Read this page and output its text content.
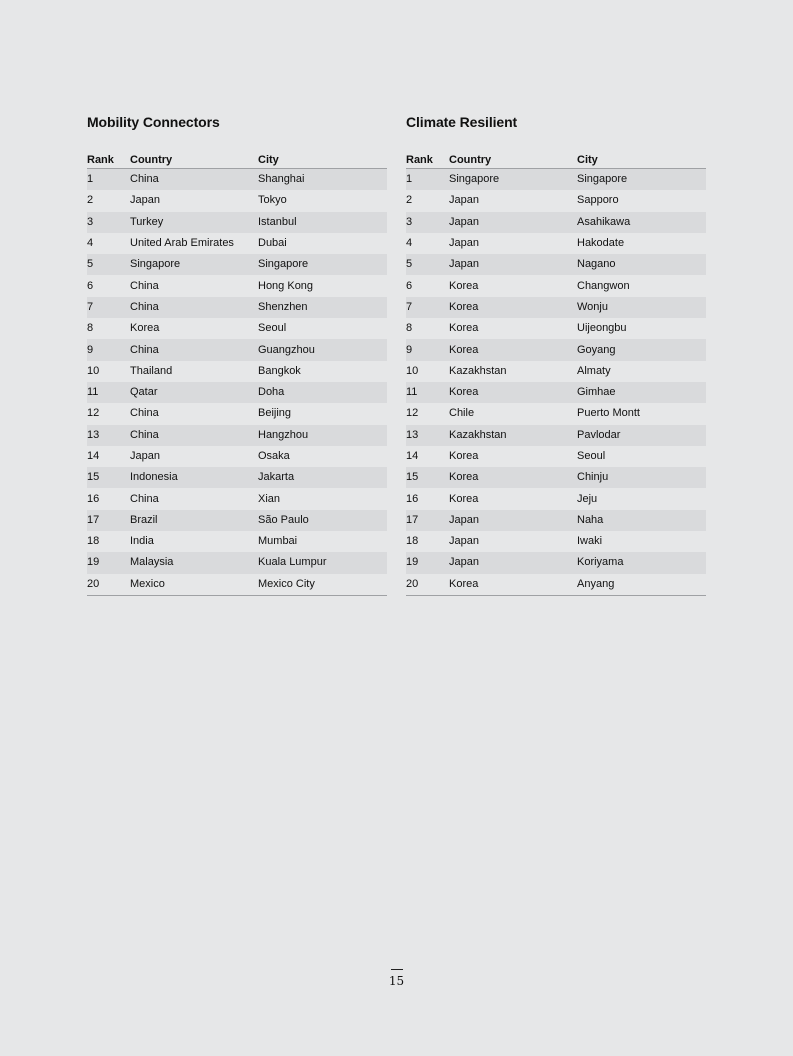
Mobility Connectors
Rank	Country	City
1	China	Shanghai
2	Japan	Tokyo
3	Turkey	Istanbul
4	United Arab Emirates	Dubai
5	Singapore	Singapore
6	China	Hong Kong
7	China	Shenzhen
8	Korea	Seoul
9	China	Guangzhou
10	Thailand	Bangkok
11	Qatar	Doha
12	China	Beijing
13	China	Hangzhou
14	Japan	Osaka
15	Indonesia	Jakarta
16	China	Xian
17	Brazil	São Paulo
18	India	Mumbai
19	Malaysia	Kuala Lumpur
20	Mexico	Mexico City
Climate Resilient
Rank	Country	City
1	Singapore	Singapore
2	Japan	Sapporo
3	Japan	Asahikawa
4	Japan	Hakodate
5	Japan	Nagano
6	Korea	Changwon
7	Korea	Wonju
8	Korea	Uijeongbu
9	Korea	Goyang
10	Kazakhstan	Almaty
11	Korea	Gimhae
12	Chile	Puerto Montt
13	Kazakhstan	Pavlodar
14	Korea	Seoul
15	Korea	Chinju
16	Korea	Jeju
17	Japan	Naha
18	Japan	Iwaki
19	Japan	Koriyama
20	Korea	Anyang
15
